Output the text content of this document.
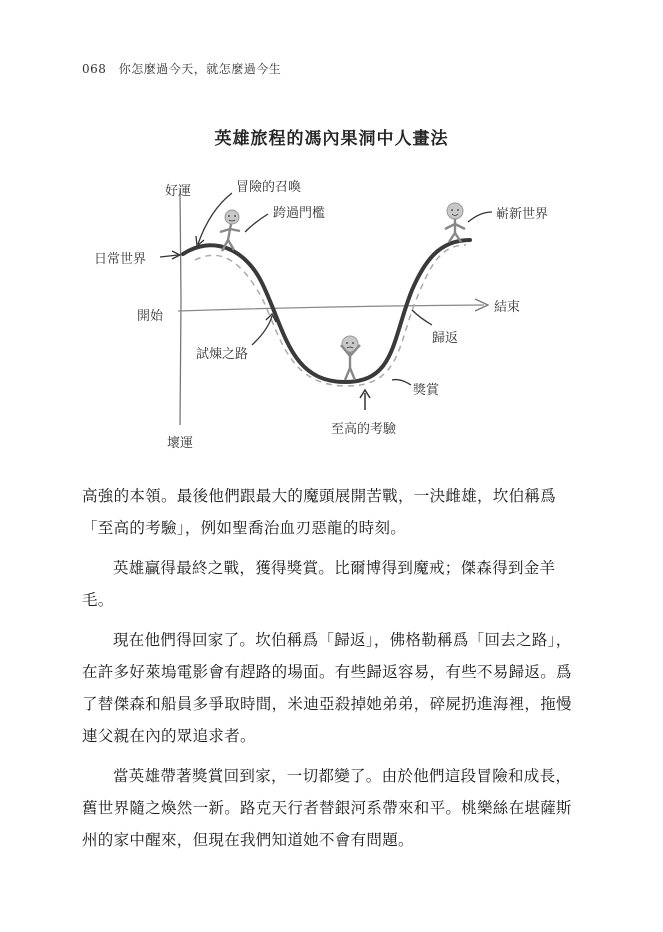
068 你怎麼過今天，就怎麼過今生
英雄旅程的馮內果洞中人畫法
好運
壞運
日常世界
開始
結束
冒險的召喚
跨過門檻
試煉之路
至高的考驗
獎賞
歸返
嶄新世界

高強的本領。最後他們跟最大的魔頭展開苦戰，一決雌雄，坎伯稱爲「至高的考驗」，例如聖喬治血刃惡龍的時刻。

英雄贏得最終之戰，獲得獎賞。比爾博得到魔戒；傑森得到金羊毛。

現在他們得回家了。坎伯稱爲「歸返」，佛格勒稱爲「回去之路」，在許多好萊塢電影會有趕路的場面。有些歸返容易，有些不易歸返。爲了替傑森和船員多爭取時間，米迪亞殺掉她弟弟，碎屍扔進海裡，拖慢連父親在內的眾追求者。

當英雄帶著獎賞回到家，一切都變了。由於他們這段冒險和成長，舊世界隨之煥然一新。路克天行者替銀河系帶來和平。桃樂絲在堪薩斯州的家中醒來，但現在我們知道她不會有問題。
